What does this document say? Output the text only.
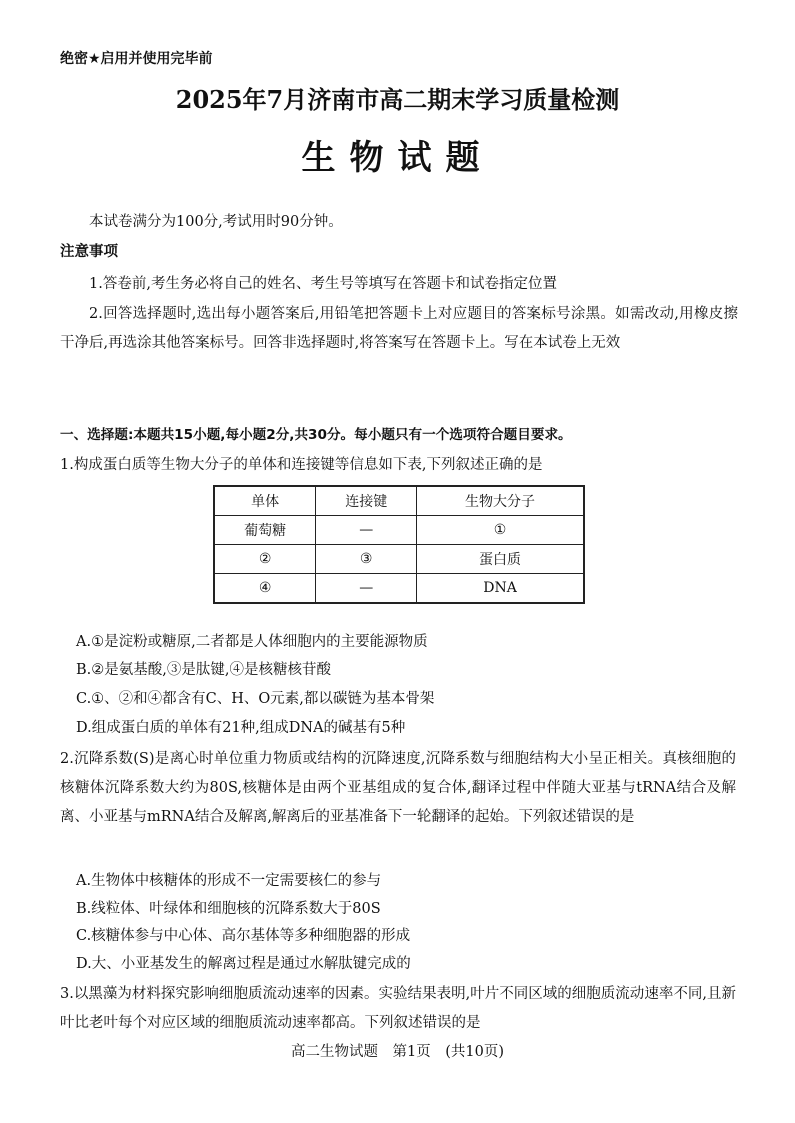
绝密★启用并使用完毕前
2025年7月济南市高二期末学习质量检测
生物试题
本试卷满分为100分,考试用时90分钟。
注意事项
1.答卷前,考生务必将自己的姓名、考生号等填写在答题卡和试卷指定位置
2.回答选择题时,选出每小题答案后,用铅笔把答题卡上对应题目的答案标号涂黑。如需改动,用橡皮擦干净后,再选涂其他答案标号。回答非选择题时,将答案写在答题卡上。写在本试卷上无效
一、选择题:本题共15小题,每小题2分,共30分。每小题只有一个选项符合题目要求。
1.构成蛋白质等生物大分子的单体和连接键等信息如下表,下列叙述正确的是
单体	连接键	生物大分子
葡萄糖	—	①
②	③	蛋白质
④	—	DNA
A.①是淀粉或糖原,二者都是人体细胞内的主要能源物质
B.②是氨基酸,③是肽键,④是核糖核苷酸
C.①、②和④都含有C、H、O元素,都以碳链为基本骨架
D.组成蛋白质的单体有21种,组成DNA的碱基有5种
2.沉降系数(S)是离心时单位重力物质或结构的沉降速度,沉降系数与细胞结构大小呈正相关。真核细胞的核糖体沉降系数大约为80S,核糖体是由两个亚基组成的复合体,翻译过程中伴随大亚基与tRNA结合及解离、小亚基与mRNA结合及解离,解离后的亚基准备下一轮翻译的起始。下列叙述错误的是
A.生物体中核糖体的形成不一定需要核仁的参与
B.线粒体、叶绿体和细胞核的沉降系数大于80S
C.核糖体参与中心体、高尔基体等多种细胞器的形成
D.大、小亚基发生的解离过程是通过水解肽键完成的
3.以黑藻为材料探究影响细胞质流动速率的因素。实验结果表明,叶片不同区域的细胞质流动速率不同,且新叶比老叶每个对应区域的细胞质流动速率都高。下列叙述错误的是
高二生物试题　第1页　(共10页)
